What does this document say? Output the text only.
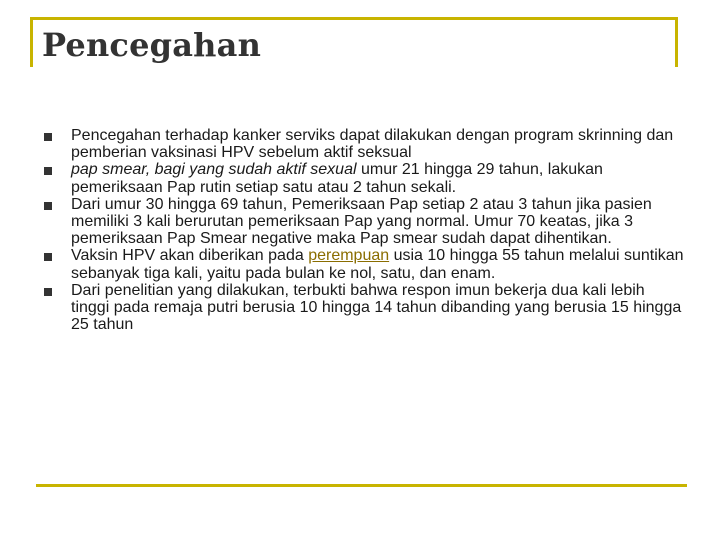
Pencegahan
Pencegahan terhadap kanker serviks dapat dilakukan dengan program skrinning dan pemberian vaksinasi HPV sebelum aktif seksual
pap smear, bagi yang sudah aktif sexual umur 21 hingga 29 tahun, lakukan pemeriksaan Pap rutin setiap satu atau 2 tahun sekali.
Dari umur 30 hingga 69 tahun, Pemeriksaan Pap setiap 2 atau 3 tahun jika pasien memiliki 3 kali berurutan pemeriksaan Pap yang normal. Umur 70 keatas, jika 3 pemeriksaan Pap Smear negative maka Pap smear sudah dapat dihentikan.
Vaksin HPV akan diberikan pada perempuan usia 10 hingga 55 tahun melalui suntikan sebanyak tiga kali, yaitu pada bulan ke nol, satu, dan enam.
Dari penelitian yang dilakukan, terbukti bahwa respon imun bekerja dua kali lebih tinggi pada remaja putri berusia 10 hingga 14 tahun dibanding yang berusia 15 hingga 25 tahun
